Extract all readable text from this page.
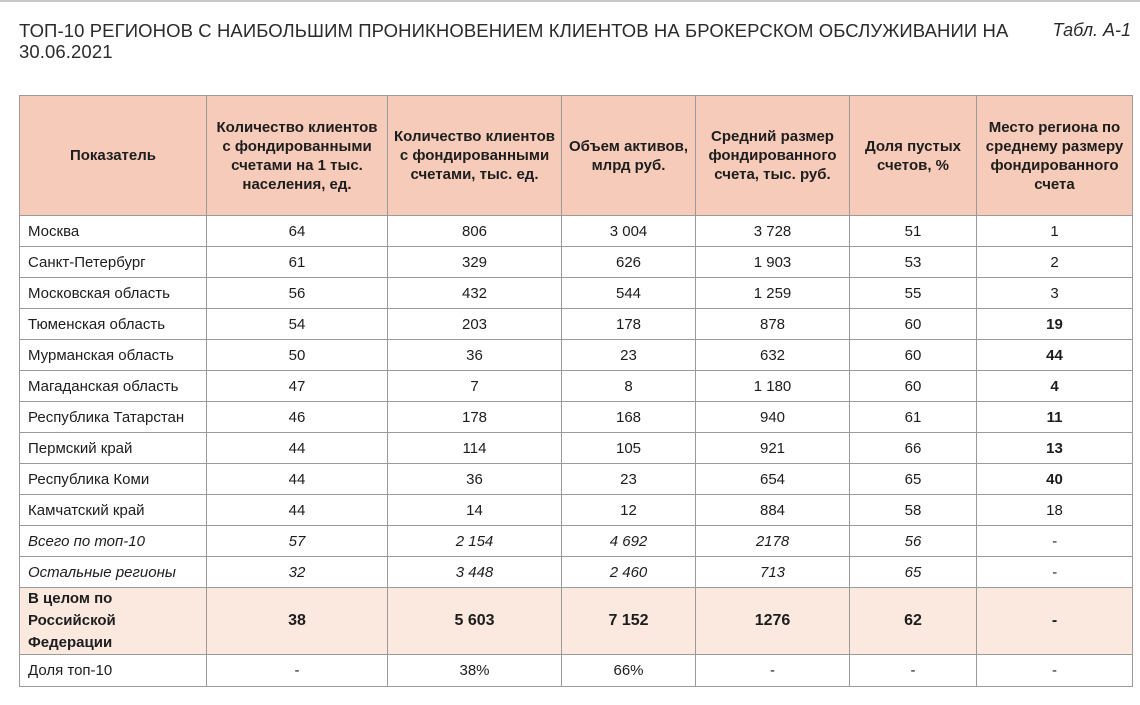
ТОП-10 РЕГИОНОВ С НАИБОЛЬШИМ ПРОНИКНОВЕНИЕМ КЛИЕНТОВ НА БРОКЕРСКОМ ОБСЛУЖИВАНИИ НА 30.06.2021
Табл. А-1
Показатель	Количество клиентов с фондированными счетами на 1 тыс. населения, ед.	Количество клиентов с фондированными счетами, тыс. ед.	Объем активов, млрд руб.	Средний размер фондированного счета, тыс. руб.	Доля пустых счетов, %	Место региона по среднему размеру фондированного счета
Москва	64	806	3 004	3 728	51	1
Санкт-Петербург	61	329	626	1 903	53	2
Московская область	56	432	544	1 259	55	3
Тюменская область	54	203	178	878	60	19
Мурманская область	50	36	23	632	60	44
Магаданская область	47	7	8	1 180	60	4
Республика Татарстан	46	178	168	940	61	11
Пермский край	44	114	105	921	66	13
Республика Коми	44	36	23	654	65	40
Камчатский край	44	14	12	884	58	18
Всего по топ-10	57	2 154	4 692	2178	56	-
Остальные регионы	32	3 448	2 460	713	65	-
В целом по Российской Федерации	38	5 603	7 152	1276	62	-
Доля топ-10	-	38%	66%	-	-	-
